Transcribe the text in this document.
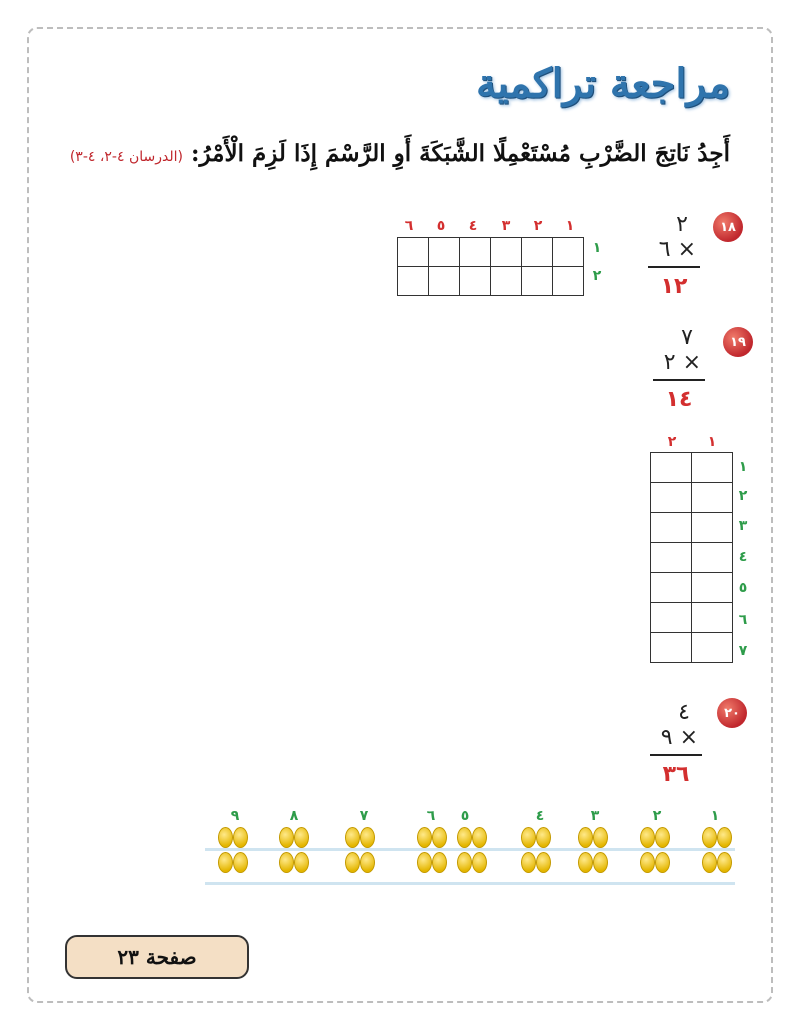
مراجعة تراكمية
أَجِدُ نَاتِجَ الضَّرْبِ مُسْتَعْمِلًا الشَّبَكَةَ أَوِ الرَّسْمَ إِذَا لَزِمَ الْأَمْرُ: (الدرسان ٤-٢، ٤-٣)
١٨
٢
٦ ×
١٢
١
٢
٣
٤
٥
٦

١
٢
١٩
٧
٢ ×
١٤
١
٢

١
٢
٣
٤
٥
٦
٧
٢٠
٤
٩ ×
٣٦
١
٢
٣
٤
٥
٦
٧
٨
٩
صفحة ٢٣
